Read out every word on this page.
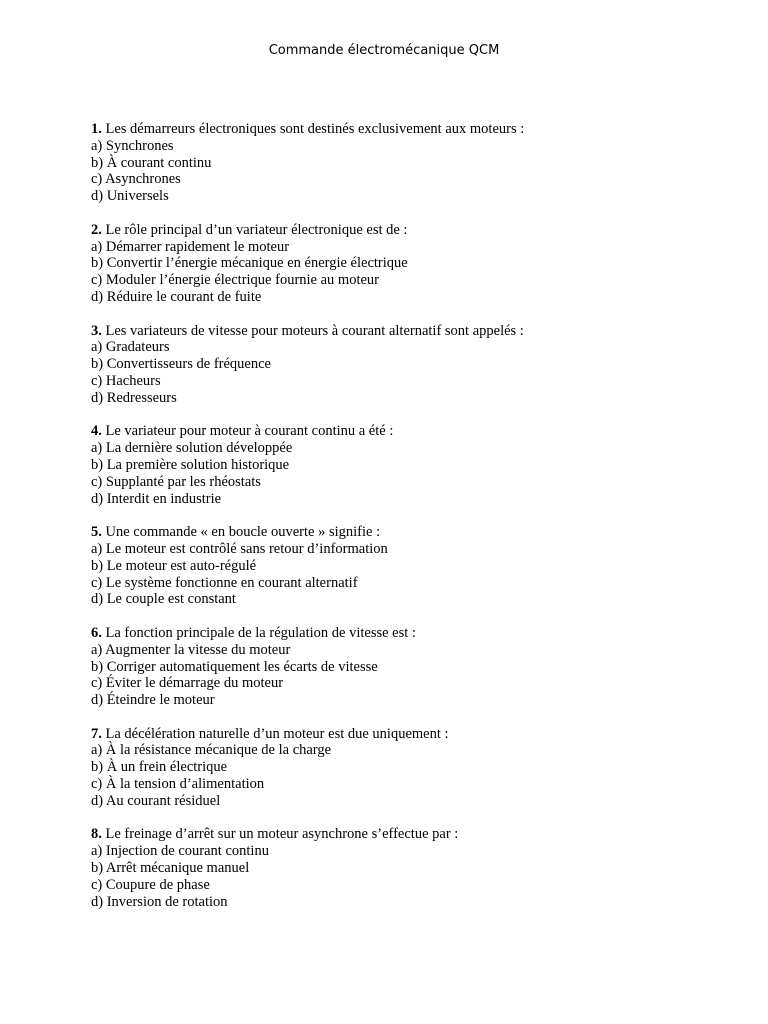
Commande électromécanique QCM
1. Les démarreurs électroniques sont destinés exclusivement aux moteurs :
a) Synchrones
b) À courant continu
c) Asynchrones
d) Universels
2. Le rôle principal d’un variateur électronique est de :
a) Démarrer rapidement le moteur
b) Convertir l’énergie mécanique en énergie électrique
c) Moduler l’énergie électrique fournie au moteur
d) Réduire le courant de fuite
3. Les variateurs de vitesse pour moteurs à courant alternatif sont appelés :
a) Gradateurs
b) Convertisseurs de fréquence
c) Hacheurs
d) Redresseurs
4. Le variateur pour moteur à courant continu a été :
a) La dernière solution développée
b) La première solution historique
c) Supplanté par les rhéostats
d) Interdit en industrie
5. Une commande « en boucle ouverte » signifie :
a) Le moteur est contrôlé sans retour d’information
b) Le moteur est auto-régulé
c) Le système fonctionne en courant alternatif
d) Le couple est constant
6. La fonction principale de la régulation de vitesse est :
a) Augmenter la vitesse du moteur
b) Corriger automatiquement les écarts de vitesse
c) Éviter le démarrage du moteur
d) Éteindre le moteur
7. La décélération naturelle d’un moteur est due uniquement :
a) À la résistance mécanique de la charge
b) À un frein électrique
c) À la tension d’alimentation
d) Au courant résiduel
8. Le freinage d’arrêt sur un moteur asynchrone s’effectue par :
a) Injection de courant continu
b) Arrêt mécanique manuel
c) Coupure de phase
d) Inversion de rotation
